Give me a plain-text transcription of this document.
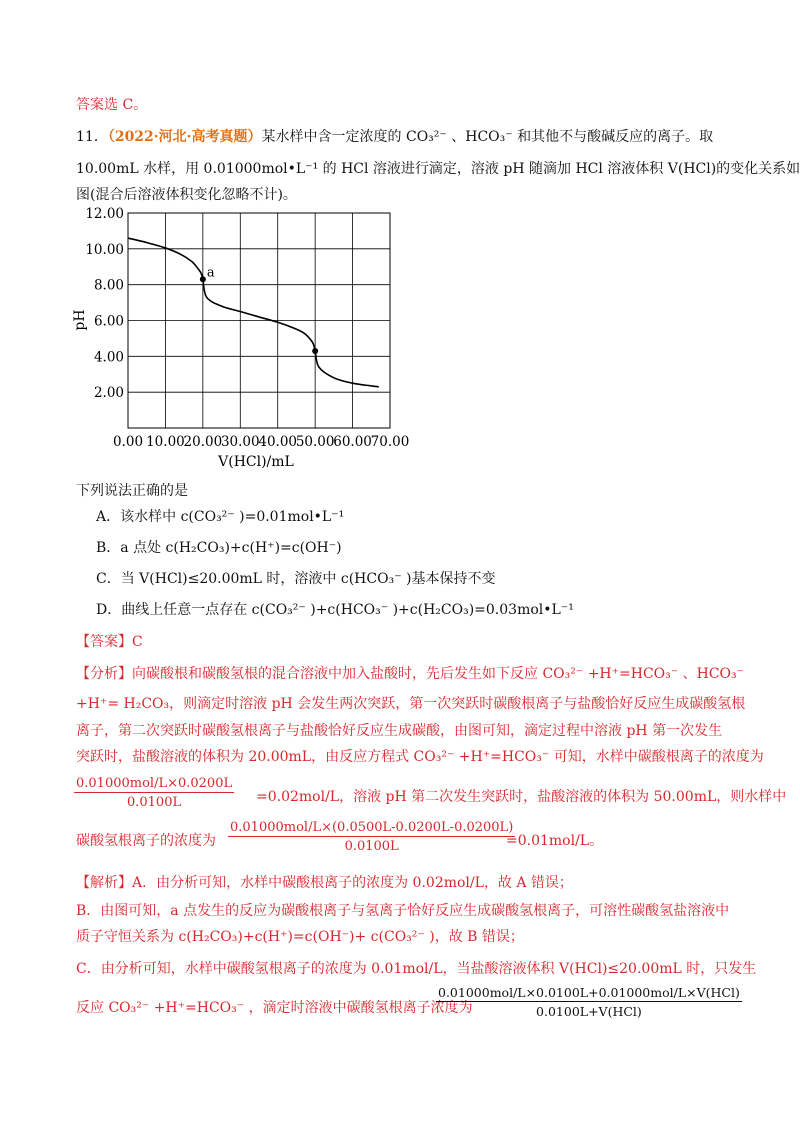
答案选 C。
11．（2022·河北·高考真题）某水样中含一定浓度的 CO₃²⁻ 、HCO₃⁻ 和其他不与酸碱反应的离子。取
10.00mL 水样，用 0.01000mol•L⁻¹ 的 HCl 溶液进行滴定，溶液 pH 随滴加 HCl 溶液体积 V(HCl)的变化关系如
图(混合后溶液体积变化忽略不计)。
2.00
4.00
6.00
8.00
10.00
12.00
0.00 10.00
20.00
30.00
40.00
50.00
60.00
70.00
a
pH
V(HCl)/mL
下列说法正确的是
A．该水样中 c(CO₃²⁻ )=0.01mol•L⁻¹
B．a 点处 c(H₂CO₃)+c(H⁺)=c(OH⁻)
C．当 V(HCl)≤20.00mL 时，溶液中 c(HCO₃⁻ )基本保持不变
D．曲线上任意一点存在 c(CO₃²⁻ )+c(HCO₃⁻ )+c(H₂CO₃)=0.03mol•L⁻¹
【答案】C
【分析】向碳酸根和碳酸氢根的混合溶液中加入盐酸时，先后发生如下反应 CO₃²⁻ +H⁺=HCO₃⁻ 、HCO₃⁻
+H⁺= H₂CO₃，则滴定时溶液 pH 会发生两次突跃，第一次突跃时碳酸根离子与盐酸恰好反应生成碳酸氢根
离子，第二次突跃时碳酸氢根离子与盐酸恰好反应生成碳酸，由图可知，滴定过程中溶液 pH 第一次发生
突跃时，盐酸溶液的体积为 20.00mL，由反应方程式 CO₃²⁻ +H⁺=HCO₃⁻ 可知，水样中碳酸根离子的浓度为
0.01000mol/L×0.0200L
0.0100L	=0.02mol/L，溶液 pH 第二次发生突跃时，盐酸溶液的体积为 50.00mL，则水样中
碳酸氢根离子的浓度为
0.01000mol/L×(0.0500L-0.0200L-0.0200L)
0.0100L	=0.01mol/L。
【解析】A．由分析可知，水样中碳酸根离子的浓度为 0.02mol/L，故 A 错误；
B．由图可知，a 点发生的反应为碳酸根离子与氢离子恰好反应生成碳酸氢根离子，可溶性碳酸氢盐溶液中
质子守恒关系为 c(H₂CO₃)+c(H⁺)=c(OH⁻)+ c(CO₃²⁻ )，故 B 错误；
C．由分析可知，水样中碳酸氢根离子的浓度为 0.01mol/L，当盐酸溶液体积 V(HCl)≤20.00mL 时，只发生
反应 CO₃²⁻ +H⁺=HCO₃⁻ ，滴定时溶液中碳酸氢根离子浓度为
0.01000mol/L×0.0100L+0.01000mol/L×V(HCl)
0.0100L+V(HCl)
